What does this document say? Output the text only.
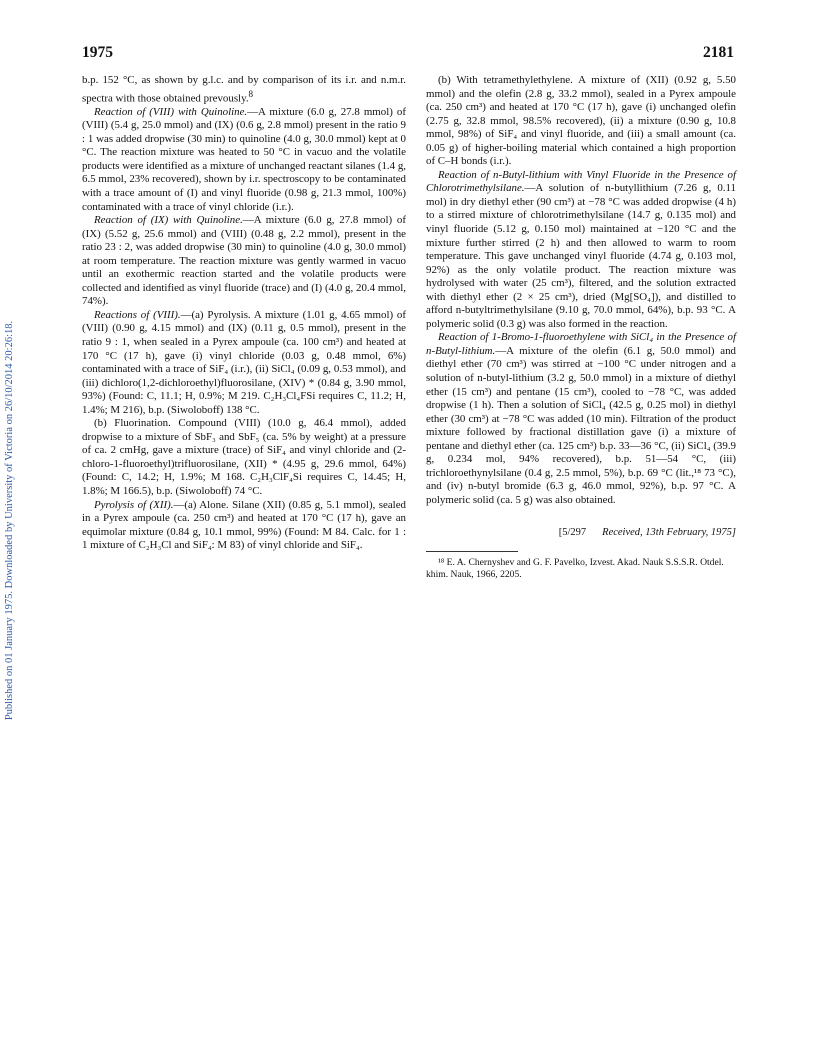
Published on 01 January 1975. Downloaded by University of Victoria on 26/10/2014 20:26:18.
1975	2181

b.p. 152 °C, as shown by g.l.c. and by comparison of its i.r. and n.m.r. spectra with those obtained prevously.$^8$

Reaction of (VIII) with Quinoline.—A mixture (6.0 g, 27.8 mmol) of (VIII) (5.4 g, 25.0 mmol) and (IX) (0.6 g, 2.8 mmol) present in the ratio 9 : 1 was added dropwise (30 min) to quinoline (4.0 g, 30.0 mmol) kept at 0 °C. The reaction mixture was heated to 50 °C in vacuo and the volatile products were identified as a mixture of unchanged reactant silanes (1.4 g, 6.5 mmol, 23% recovered), shown by i.r. spectroscopy to be contaminated with a trace amount of (I) and vinyl fluoride (0.98 g, 21.3 mmol, 100%) contaminated with a trace of vinyl chloride (i.r.).

Reaction of (IX) with Quinoline.—A mixture (6.0 g, 27.8 mmol) of (IX) (5.52 g, 25.6 mmol) and (VIII) (0.48 g, 2.2 mmol), present in the ratio 23 : 2, was added dropwise (30 min) to quinoline (4.0 g, 30.0 mmol) at room temperature. The reaction mixture was gently warmed in vacuo until an exothermic reaction started and the volatile products were collected and identified as vinyl fluoride (trace) and (I) (4.0 g, 20.4 mmol, 74%).

Reactions of (VIII).—(a) Pyrolysis. A mixture (1.01 g, 4.65 mmol) of (VIII) (0.90 g, 4.15 mmol) and (IX) (0.11 g, 0.5 mmol), present in the ratio 9 : 1, when sealed in a Pyrex ampoule (ca. 100 cm³) and heated at 170 °C (17 h), gave (i) vinyl chloride (0.03 g, 0.48 mmol, 6%) contaminated with a trace of SiF₄ (i.r.), (ii) SiCl₄ (0.09 g, 0.53 mmol), and (iii) dichloro(1,2-dichloroethyl)fluorosilane, (XIV) * (0.84 g, 3.90 mmol, 93%) (Found: C, 11.1; H, 0.9%; M 219. C₂H₃Cl₄FSi requires C, 11.2; H, 1.4%; M 216), b.p. (Siwoloboff) 138 °C.

(b) Fluorination. Compound (VIII) (10.0 g, 46.4 mmol), added dropwise to a mixture of SbF₃ and SbF₅ (ca. 5% by weight) at a pressure of ca. 2 cmHg, gave a mixture (trace) of SiF₄ and vinyl chloride and (2-chloro-1-fluoroethyl)trifluorosilane, (XII) * (4.95 g, 29.6 mmol, 64%) (Found: C, 14.2; H, 1.9%; M 168. C₂H₃ClF₄Si requires C, 14.45; H, 1.8%; M 166.5), b.p. (Siwoloboff) 74 °C.

Pyrolysis of (XII).—(a) Alone. Silane (XII) (0.85 g, 5.1 mmol), sealed in a Pyrex ampoule (ca. 250 cm³) and heated at 170 °C (17 h), gave an equimolar mixture (0.84 g, 10.1 mmol, 99%) (Found: M 84. Calc. for 1 : 1 mixture of C₂H₃Cl and SiF₄: M 83) of vinyl chloride and SiF₄.

(b) With tetramethylethylene. A mixture of (XII) (0.92 g, 5.50 mmol) and the olefin (2.8 g, 33.2 mmol), sealed in a Pyrex ampoule (ca. 250 cm³) and heated at 170 °C (17 h), gave (i) unchanged olefin (2.75 g, 32.8 mmol, 98.5% recovered), (ii) a mixture (0.90 g, 10.8 mmol, 98%) of SiF₄ and vinyl fluoride, and (iii) a small amount (ca. 0.05 g) of higher-boiling material which contained a high proportion of C–H bonds (i.r.).

Reaction of n-Butyl-lithium with Vinyl Fluoride in the Presence of Chlorotrimethylsilane.—A solution of n-butyllithium (7.26 g, 0.11 mol) in dry diethyl ether (90 cm³) at −78 °C was added dropwise (4 h) to a stirred mixture of chlorotrimethylsilane (14.7 g, 0.135 mol) and vinyl fluoride (5.12 g, 0.150 mol) maintained at −120 °C and the mixture further stirred (2 h) and then allowed to warm to room temperature. This gave unchanged vinyl fluoride (4.74 g, 0.103 mol, 92%) as the only volatile product. The reaction mixture was hydrolysed with water (25 cm³), filtered, and the solution extracted with diethyl ether (2 × 25 cm³), dried (Mg[SO₄]), and distilled to afford n-butyltrimethylsilane (9.10 g, 70.0 mmol, 64%), b.p. 93 °C. A polymeric solid (0.3 g) was also formed in the reaction.

Reaction of 1-Bromo-1-fluoroethylene with SiCl₄ in the Presence of n-Butyl-lithium.—A mixture of the olefin (6.1 g, 50.0 mmol) and diethyl ether (70 cm³) was stirred at −100 °C under nitrogen and a solution of n-butyl-lithium (3.2 g, 50.0 mmol) in a mixture of diethyl ether (15 cm³) and pentane (15 cm³), cooled to −78 °C, was added dropwise (1 h). Then a solution of SiCl₄ (42.5 g, 0.25 mol) in diethyl ether (30 cm³) at −78 °C was added (10 min). Filtration of the product mixture followed by fractional distillation gave (i) a mixture of pentane and diethyl ether (ca. 125 cm³) b.p. 33—36 °C, (ii) SiCl₄ (39.9 g, 0.234 mol, 94% recovered), b.p. 51—54 °C, (iii) trichloroethynylsilane (0.4 g, 2.5 mmol, 5%), b.p. 69 °C (lit.,¹⁸ 73 °C), and (iv) n-butyl bromide (6.3 g, 46.0 mmol, 92%), b.p. 97 °C. A polymeric solid (ca. 5 g) was also obtained.

[5/297 Received, 13th February, 1975]

¹⁸ E. A. Chernyshev and G. F. Pavelko, Izvest. Akad. Nauk S.S.S.R. Otdel. khim. Nauk, 1966, 2205.
